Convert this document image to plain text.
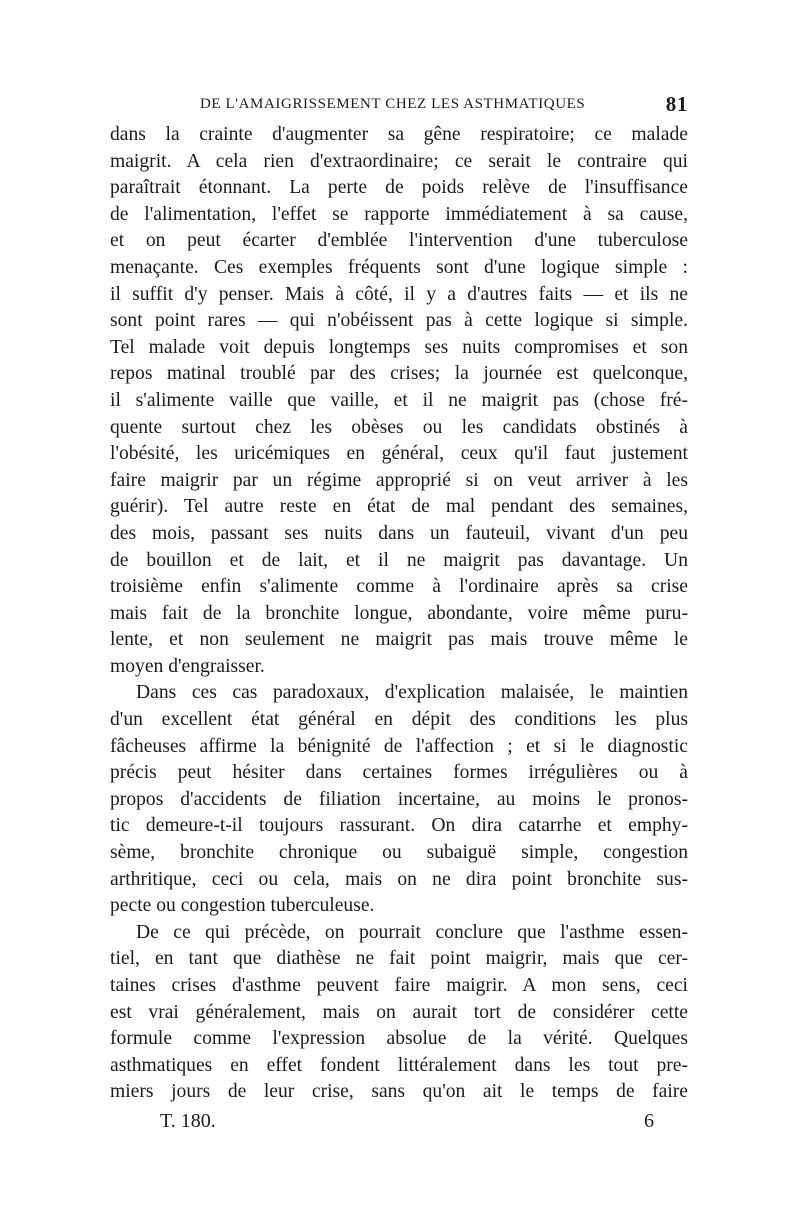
DE L'AMAIGRISSEMENT CHEZ LES ASTHMATIQUES	81
dans la crainte d'augmenter sa gêne respiratoire; ce malade
maigrit. A cela rien d'extraordinaire; ce serait le contraire qui
paraîtrait étonnant. La perte de poids relève de l'insuffisance
de l'alimentation, l'effet se rapporte immédiatement à sa cause,
et on peut écarter d'emblée l'intervention d'une tuberculose
menaçante. Ces exemples fréquents sont d'une logique simple :
il suffit d'y penser. Mais à côté, il y a d'autres faits — et ils ne
sont point rares — qui n'obéissent pas à cette logique si simple.
Tel malade voit depuis longtemps ses nuits compromises et son
repos matinal troublé par des crises; la journée est quelconque,
il s'alimente vaille que vaille, et il ne maigrit pas (chose fré-
quente surtout chez les obèses ou les candidats obstinés à
l'obésité, les uricémiques en général, ceux qu'il faut justement
faire maigrir par un régime approprié si on veut arriver à les
guérir). Tel autre reste en état de mal pendant des semaines,
des mois, passant ses nuits dans un fauteuil, vivant d'un peu
de bouillon et de lait, et il ne maigrit pas davantage. Un
troisième enfin s'alimente comme à l'ordinaire après sa crise
mais fait de la bronchite longue, abondante, voire même puru-
lente, et non seulement ne maigrit pas mais trouve même le
moyen d'engraisser.
Dans ces cas paradoxaux, d'explication malaisée, le maintien
d'un excellent état général en dépit des conditions les plus
fâcheuses affirme la bénignité de l'affection ; et si le diagnostic
précis peut hésiter dans certaines formes irrégulières ou à
propos d'accidents de filiation incertaine, au moins le pronos-
tic demeure-t-il toujours rassurant. On dira catarrhe et emphy-
sème, bronchite chronique ou subaiguë simple, congestion
arthritique, ceci ou cela, mais on ne dira point bronchite sus-
pecte ou congestion tuberculeuse.
De ce qui précède, on pourrait conclure que l'asthme essen-
tiel, en tant que diathèse ne fait point maigrir, mais que cer-
taines crises d'asthme peuvent faire maigrir. A mon sens, ceci
est vrai généralement, mais on aurait tort de considérer cette
formule comme l'expression absolue de la vérité. Quelques
asthmatiques en effet fondent littéralement dans les tout pre-
miers jours de leur crise, sans qu'on ait le temps de faire
T. 180.	6
